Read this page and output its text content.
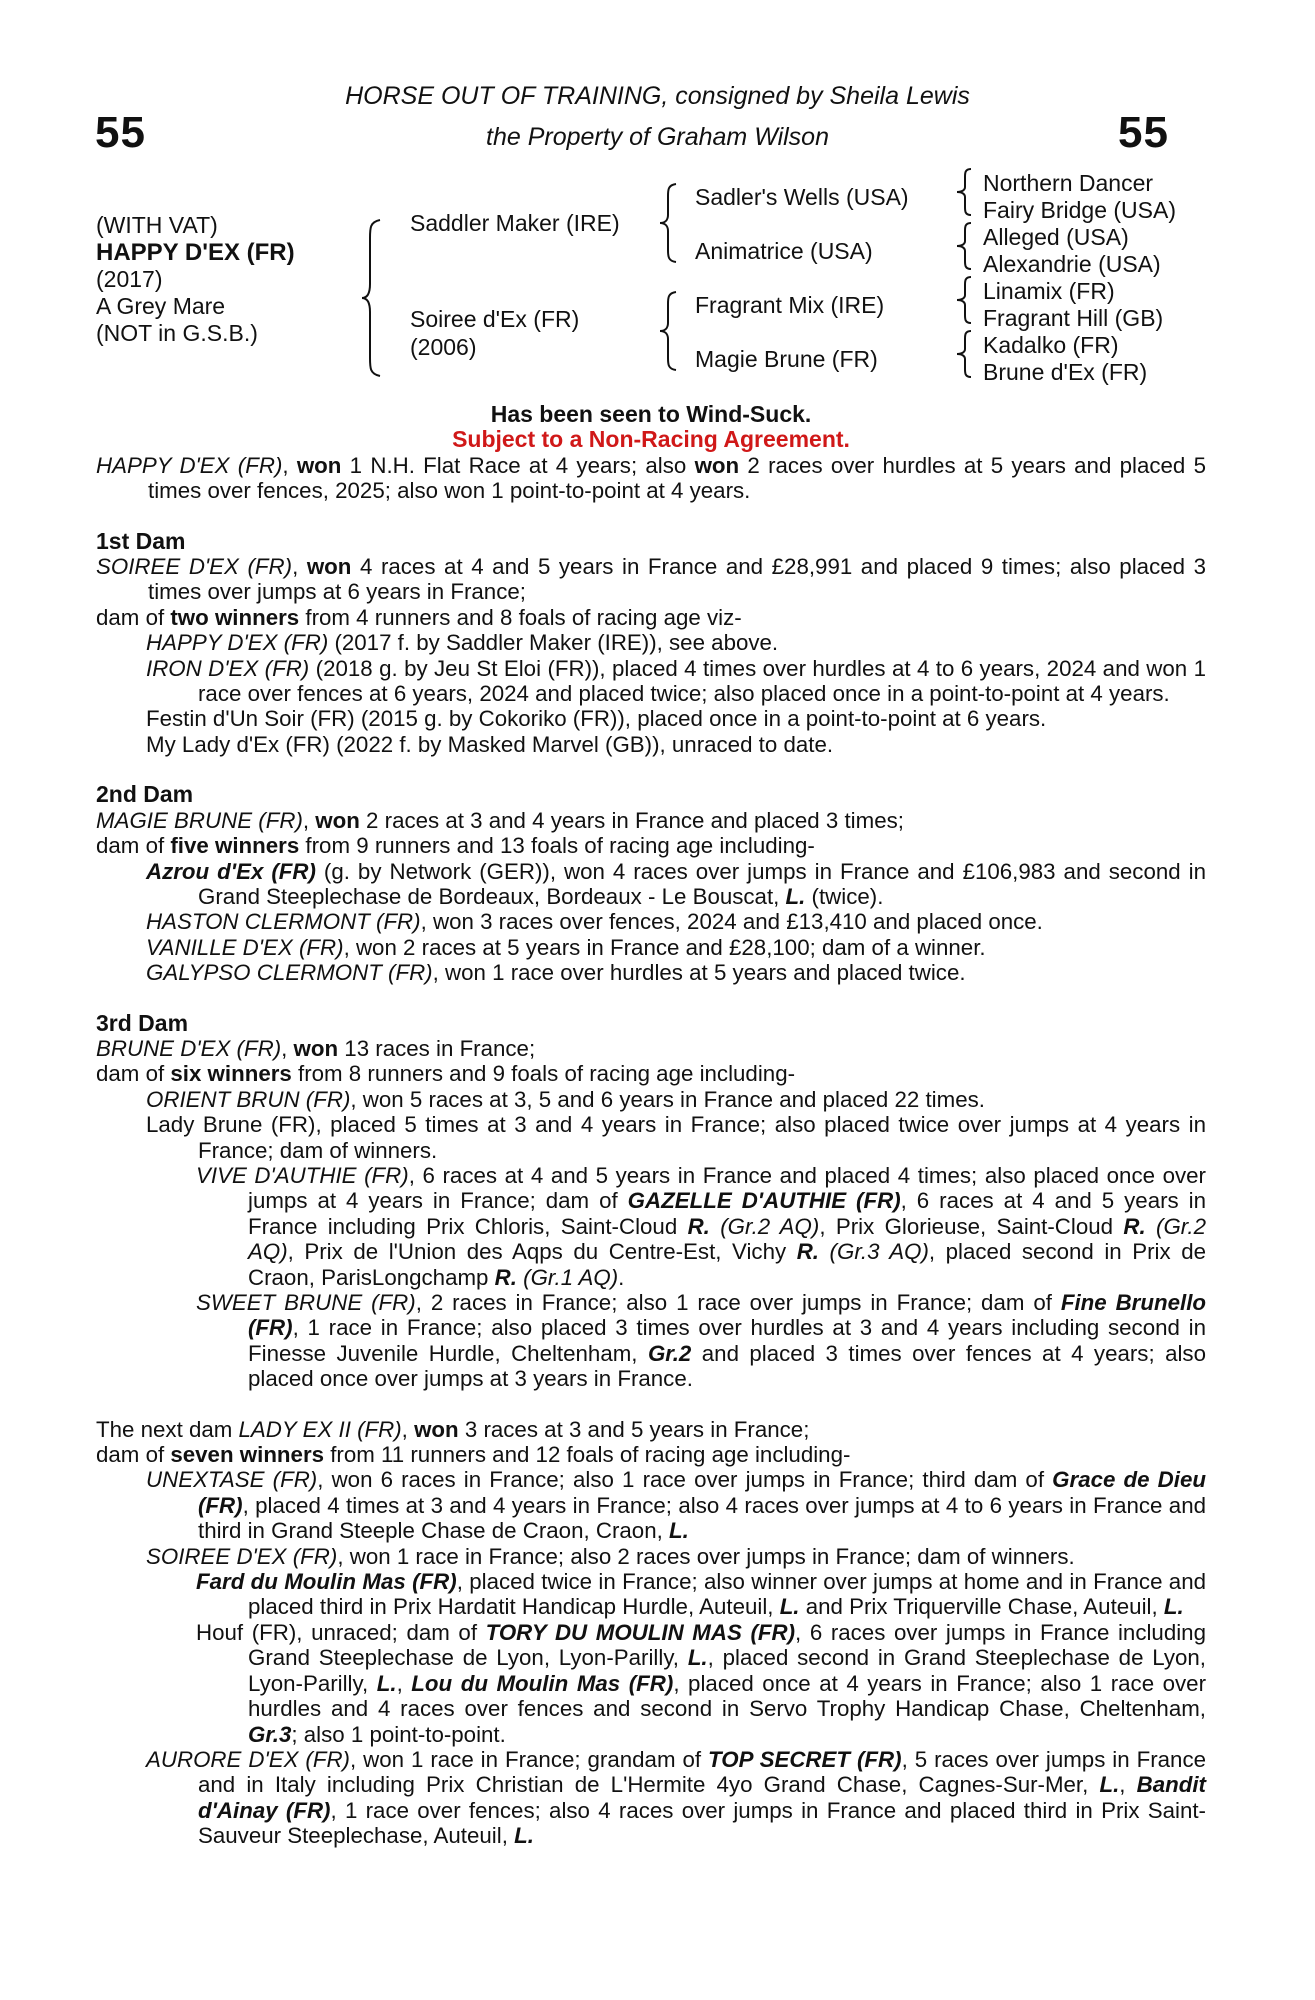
55	55
HORSE OUT OF TRAINING, consigned by Sheila Lewis
the Property of Graham Wilson
(WITH VAT)
HAPPY D'EX (FR)
(2017)
A Grey Mare
(NOT in G.S.B.)
Saddler Maker (IRE)
Soiree d'Ex (FR)
(2006)
Sadler's Wells (USA)
Animatrice (USA)
Fragrant Mix (IRE)
Magie Brune (FR)
Northern Dancer
Fairy Bridge (USA)
Alleged (USA)
Alexandrie (USA)
Linamix (FR)
Fragrant Hill (GB)
Kadalko (FR)
Brune d'Ex (FR)

Has been seen to Wind-Suck.

Subject to a Non-Racing Agreement.

HAPPY D'EX (FR), won 1 N.H. Flat Race at 4 years; also won 2 races over hurdles at 5 years and placed 5 times over fences, 2025; also won 1 point-to-point at 4 years.

1st Dam

SOIREE D'EX (FR), won 4 races at 4 and 5 years in France and £28,991 and placed 9 times; also placed 3 times over jumps at 6 years in France;

dam of two winners from 4 runners and 8 foals of racing age viz-

HAPPY D'EX (FR) (2017 f. by Saddler Maker (IRE)), see above.

IRON D'EX (FR) (2018 g. by Jeu St Eloi (FR)), placed 4 times over hurdles at 4 to 6 years, 2024 and won 1 race over fences at 6 years, 2024 and placed twice; also placed once in a point-to-point at 4 years.

Festin d'Un Soir (FR) (2015 g. by Cokoriko (FR)), placed once in a point-to-point at 6 years.

My Lady d'Ex (FR) (2022 f. by Masked Marvel (GB)), unraced to date.

2nd Dam

MAGIE BRUNE (FR), won 2 races at 3 and 4 years in France and placed 3 times;

dam of five winners from 9 runners and 13 foals of racing age including-

Azrou d'Ex (FR) (g. by Network (GER)), won 4 races over jumps in France and £106,983 and second in Grand Steeplechase de Bordeaux, Bordeaux - Le Bouscat, L. (twice).

HASTON CLERMONT (FR), won 3 races over fences, 2024 and £13,410 and placed once.

VANILLE D'EX (FR), won 2 races at 5 years in France and £28,100; dam of a winner.

GALYPSO CLERMONT (FR), won 1 race over hurdles at 5 years and placed twice.

3rd Dam

BRUNE D'EX (FR), won 13 races in France;

dam of six winners from 8 runners and 9 foals of racing age including-

ORIENT BRUN (FR), won 5 races at 3, 5 and 6 years in France and placed 22 times.

Lady Brune (FR), placed 5 times at 3 and 4 years in France; also placed twice over jumps at 4 years in France; dam of winners.

VIVE D'AUTHIE (FR), 6 races at 4 and 5 years in France and placed 4 times; also placed once over jumps at 4 years in France; dam of GAZELLE D'AUTHIE (FR), 6 races at 4 and 5 years in France including Prix Chloris, Saint-Cloud R. (Gr.2 AQ), Prix Glorieuse, Saint-Cloud R. (Gr.2 AQ), Prix de l'Union des Aqps du Centre-Est, Vichy R. (Gr.3 AQ), placed second in Prix de Craon, ParisLongchamp R. (Gr.1 AQ).

SWEET BRUNE (FR), 2 races in France; also 1 race over jumps in France; dam of Fine Brunello (FR), 1 race in France; also placed 3 times over hurdles at 3 and 4 years including second in Finesse Juvenile Hurdle, Cheltenham, Gr.2 and placed 3 times over fences at 4 years; also placed once over jumps at 3 years in France.

The next dam LADY EX II (FR), won 3 races at 3 and 5 years in France;

dam of seven winners from 11 runners and 12 foals of racing age including-

UNEXTASE (FR), won 6 races in France; also 1 race over jumps in France; third dam of Grace de Dieu (FR), placed 4 times at 3 and 4 years in France; also 4 races over jumps at 4 to 6 years in France and third in Grand Steeple Chase de Craon, Craon, L.

SOIREE D'EX (FR), won 1 race in France; also 2 races over jumps in France; dam of winners.

Fard du Moulin Mas (FR), placed twice in France; also winner over jumps at home and in France and placed third in Prix Hardatit Handicap Hurdle, Auteuil, L. and Prix Triquerville Chase, Auteuil, L.

Houf (FR), unraced; dam of TORY DU MOULIN MAS (FR), 6 races over jumps in France including Grand Steeplechase de Lyon, Lyon-Parilly, L., placed second in Grand Steeplechase de Lyon, Lyon-Parilly, L., Lou du Moulin Mas (FR), placed once at 4 years in France; also 1 race over hurdles and 4 races over fences and second in Servo Trophy Handicap Chase, Cheltenham, Gr.3; also 1 point-to-point.

AURORE D'EX (FR), won 1 race in France; grandam of TOP SECRET (FR), 5 races over jumps in France and in Italy including Prix Christian de L'Hermite 4yo Grand Chase, Cagnes-Sur-Mer, L., Bandit d'Ainay (FR), 1 race over fences; also 4 races over jumps in France and placed third in Prix Saint-Sauveur Steeplechase, Auteuil, L.
